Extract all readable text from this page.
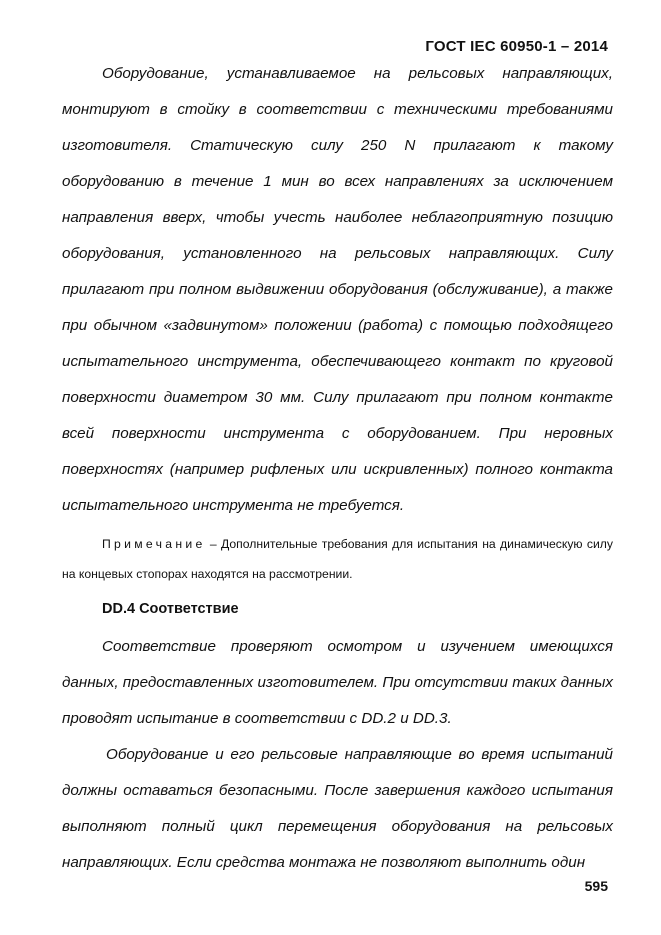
ГОСТ IEC 60950-1 – 2014

Оборудование, устанавливаемое на рельсовых направляющих, монтируют в стойку в соответствии с техническими требованиями изготовителя. Статическую силу 250 N прилагают к такому оборудованию в течение 1 мин во всех направлениях за исключением направления вверх, чтобы учесть наиболее неблагоприятную позицию оборудования, установленного на рельсовых направляющих. Силу прилагают при полном выдвижении оборудования (обслуживание), а также при обычном «задвинутом» положении (работа) с помощью подходящего испытательного инструмента, обеспечивающего контакт по круговой поверхности диаметром 30 мм. Силу прилагают при полном контакте всей поверхности инструмента с оборудованием. При неровных поверхностях (например рифленых или искривленных) полного контакта испытательного инструмента не требуется.

Примечание – Дополнительные требования для испытания на динамическую силу на концевых стопорах находятся на рассмотрении.

DD.4 Соответствие

Соответствие проверяют осмотром и изучением имеющихся данных, предоставленных изготовителем. При отсутствии таких данных проводят испытание в соответствии с DD.2 и DD.3.

Оборудование и его рельсовые направляющие во время испытаний должны оставаться безопасными. После завершения каждого испытания выполняют полный цикл перемещения оборудования на рельсовых направляющих. Если средства монтажа не позволяют выполнить один

595
